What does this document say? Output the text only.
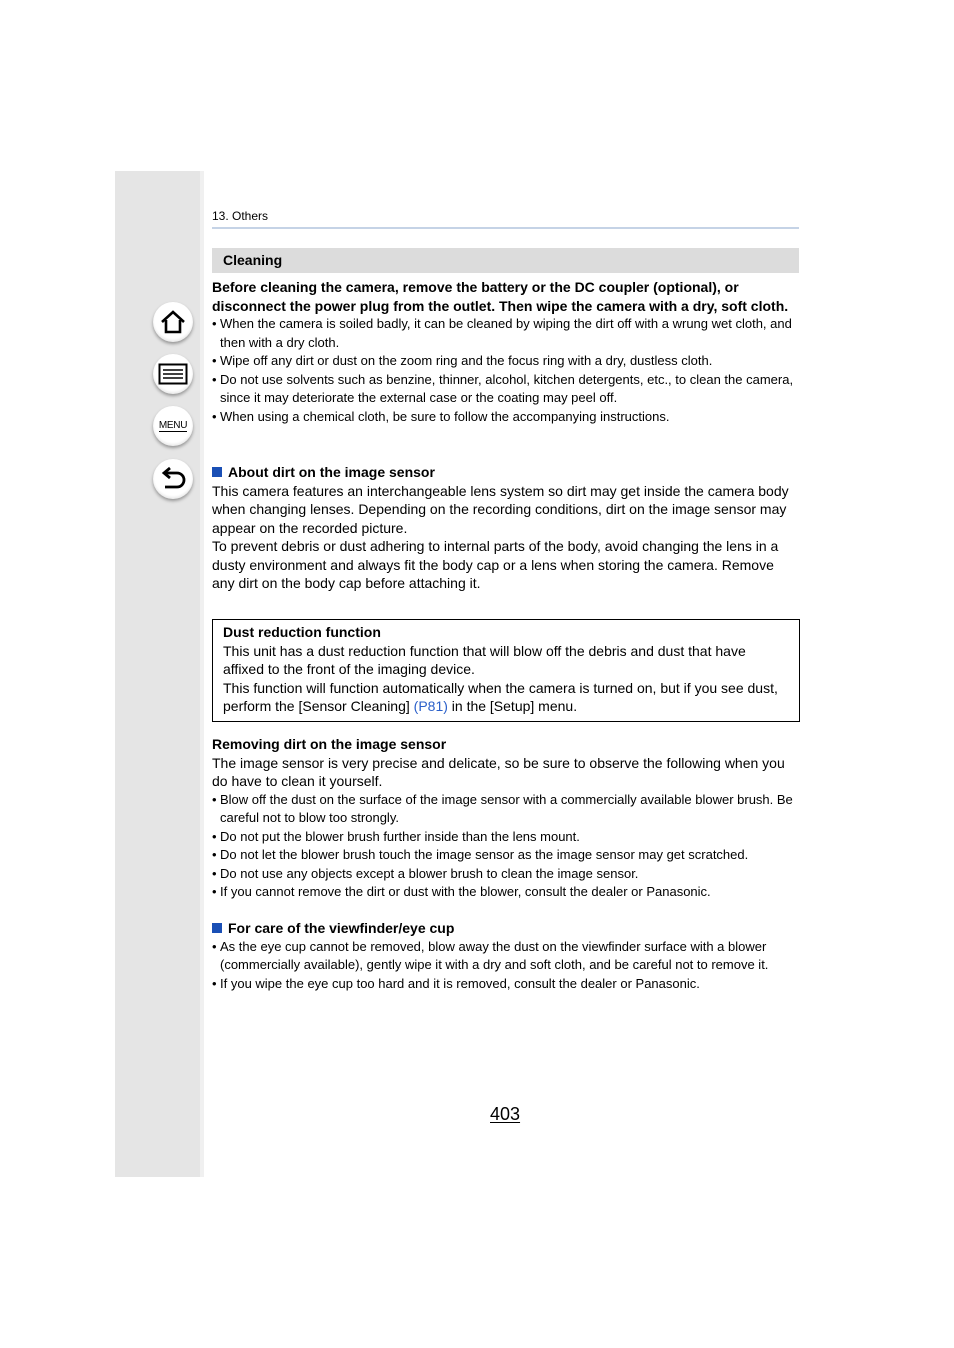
MENU
13. Others
Cleaning

Before cleaning the camera, remove the battery or the DC coupler (optional), or disconnect the power plug from the outlet. Then wipe the camera with a dry, soft cloth.

• When the camera is soiled badly, it can be cleaned by wiping the dirt off with a wrung wet cloth, and then with a dry cloth.
• Wipe off any dirt or dust on the zoom ring and the focus ring with a dry, dustless cloth.
• Do not use solvents such as benzine, thinner, alcohol, kitchen detergents, etc., to clean the camera, since it may deteriorate the external case or the coating may peel off.
• When using a chemical cloth, be sure to follow the accompanying instructions.

About dirt on the image sensor

This camera features an interchangeable lens system so dirt may get inside the camera body when changing lenses. Depending on the recording conditions, dirt on the image sensor may appear on the recorded picture.

To prevent debris or dust adhering to internal parts of the body, avoid changing the lens in a dusty environment and always fit the body cap or a lens when storing the camera. Remove any dirt on the body cap before attaching it.

Dust reduction function

This unit has a dust reduction function that will blow off the debris and dust that have affixed to the front of the imaging device.

This function will function automatically when the camera is turned on, but if you see dust, perform the [Sensor Cleaning] (P81) in the [Setup] menu.

Removing dirt on the image sensor

The image sensor is very precise and delicate, so be sure to observe the following when you do have to clean it yourself.

• Blow off the dust on the surface of the image sensor with a commercially available blower brush. Be careful not to blow too strongly.
• Do not put the blower brush further inside than the lens mount.
• Do not let the blower brush touch the image sensor as the image sensor may get scratched.
• Do not use any objects except a blower brush to clean the image sensor.
• If you cannot remove the dirt or dust with the blower, consult the dealer or Panasonic.

For care of the viewfinder/eye cup

• As the eye cup cannot be removed, blow away the dust on the viewfinder surface with a blower (commercially available), gently wipe it with a dry and soft cloth, and be careful not to remove it.
• If you wipe the eye cup too hard and it is removed, consult the dealer or Panasonic.
403
